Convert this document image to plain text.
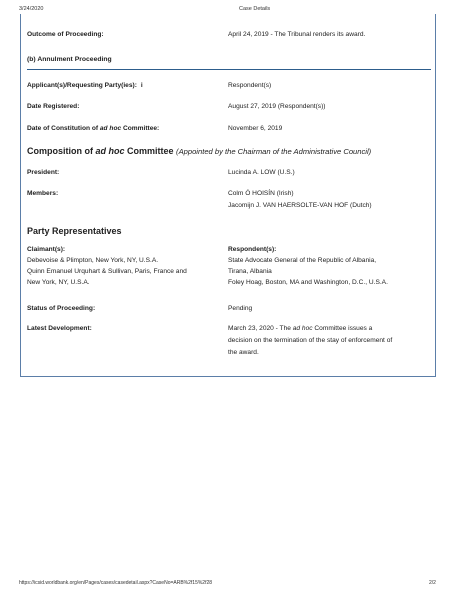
3/24/2020	Case Details
Outcome of Proceeding:	April 24, 2019 - The Tribunal renders its award.
(b) Annulment Proceeding
Applicant(s)/Requesting Party(ies): i	Respondent(s)
Date Registered:	August 27, 2019 (Respondent(s))
Date of Constitution of ad hoc Committee:	November 6, 2019
Composition of ad hoc Committee (Appointed by the Chairman of the Administrative Council)
President:	Lucinda A. LOW (U.S.)
Members:	Colm Ó HOISÍN (Irish)
Jacomijn J. VAN HAERSOLTE-VAN HOF (Dutch)
Party Representatives
Claimant(s):
Debevoise & Plimpton, New York, NY, U.S.A.
Quinn Emanuel Urquhart & Sullivan, Paris, France and
New York, NY, U.S.A.
Respondent(s):
State Advocate General of the Republic of Albania,
Tirana, Albania
Foley Hoag, Boston, MA and Washington, D.C., U.S.A.
Status of Proceeding:	Pending
Latest Development:	March 23, 2020 - The ad hoc Committee issues a
decision on the termination of the stay of enforcement of
the award.
https://icsid.worldbank.org/en/Pages/cases/casedetail.aspx?CaseNo=ARB%2f15%2f28	2/2
